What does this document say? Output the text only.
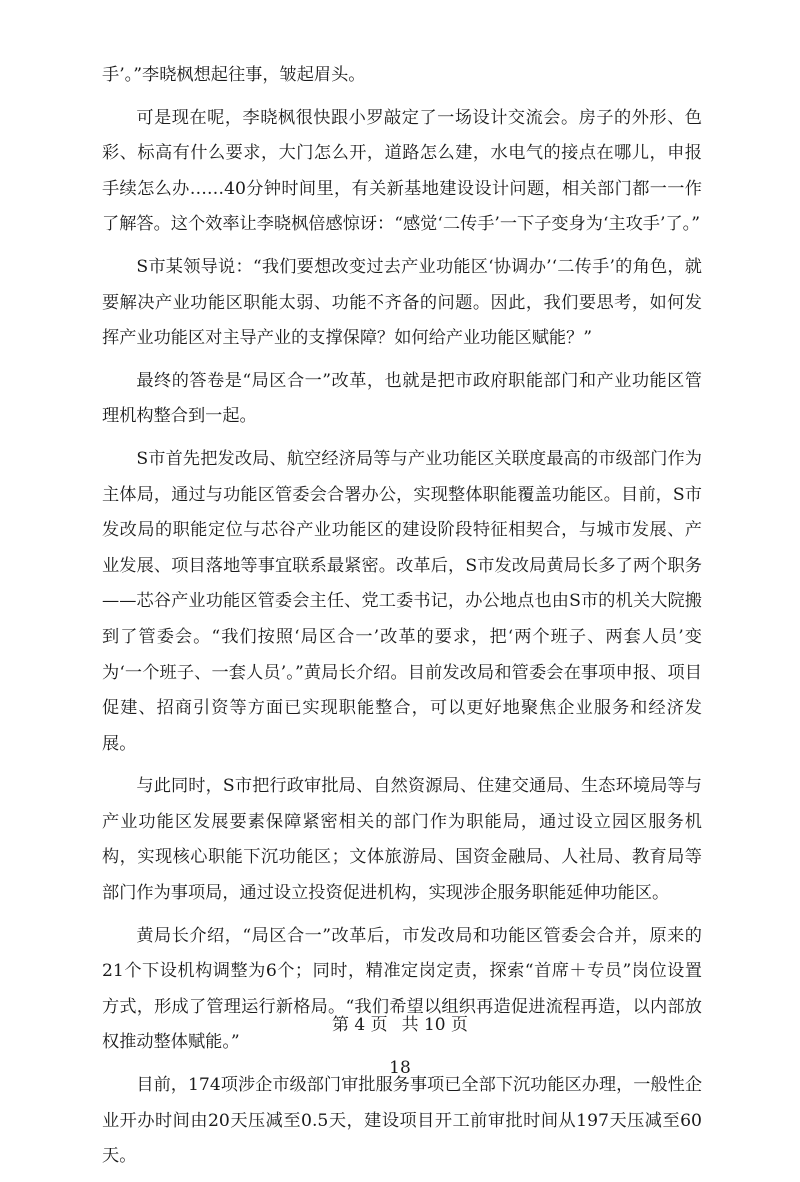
手’。”李晓枫想起往事，皱起眉头。

可是现在呢，李晓枫很快跟小罗敲定了一场设计交流会。房子的外形、色彩、标高有什么要求，大门怎么开，道路怎么建，水电气的接点在哪儿，申报手续怎么办……40分钟时间里，有关新基地建设设计问题，相关部门都一一作了解答。这个效率让李晓枫倍感惊讶：“感觉‘二传手’一下子变身为‘主攻手’了。”

S市某领导说：“我们要想改变过去产业功能区‘协调办’‘二传手’的角色，就要解决产业功能区职能太弱、功能不齐备的问题。因此，我们要思考，如何发挥产业功能区对主导产业的支撑保障？如何给产业功能区赋能？”

最终的答卷是“局区合一”改革，也就是把市政府职能部门和产业功能区管理机构整合到一起。

S市首先把发改局、航空经济局等与产业功能区关联度最高的市级部门作为主体局，通过与功能区管委会合署办公，实现整体职能覆盖功能区。目前，S市发改局的职能定位与芯谷产业功能区的建设阶段特征相契合，与城市发展、产业发展、项目落地等事宜联系最紧密。改革后，S市发改局黄局长多了两个职务——芯谷产业功能区管委会主任、党工委书记，办公地点也由S市的机关大院搬到了管委会。“我们按照‘局区合一’改革的要求，把‘两个班子、两套人员’变为‘一个班子、一套人员’。”黄局长介绍。目前发改局和管委会在事项申报、项目促建、招商引资等方面已实现职能整合，可以更好地聚焦企业服务和经济发展。

与此同时，S市把行政审批局、自然资源局、住建交通局、生态环境局等与产业功能区发展要素保障紧密相关的部门作为职能局，通过设立园区服务机构，实现核心职能下沉功能区；文体旅游局、国资金融局、人社局、教育局等部门作为事项局，通过设立投资促进机构，实现涉企服务职能延伸功能区。

黄局长介绍，“局区合一”改革后，市发改局和功能区管委会合并，原来的21个下设机构调整为6个；同时，精准定岗定责，探索“首席＋专员”岗位设置方式，形成了管理运行新格局。“我们希望以组织再造促进流程再造，以内部放权推动整体赋能。”

目前，174项涉企市级部门审批服务事项已全部下沉功能区办理，一般性企业开办时间由20天压减至0.5天，建设项目开工前审批时间从197天压减至60天。

第 4 页 共 10 页
18
